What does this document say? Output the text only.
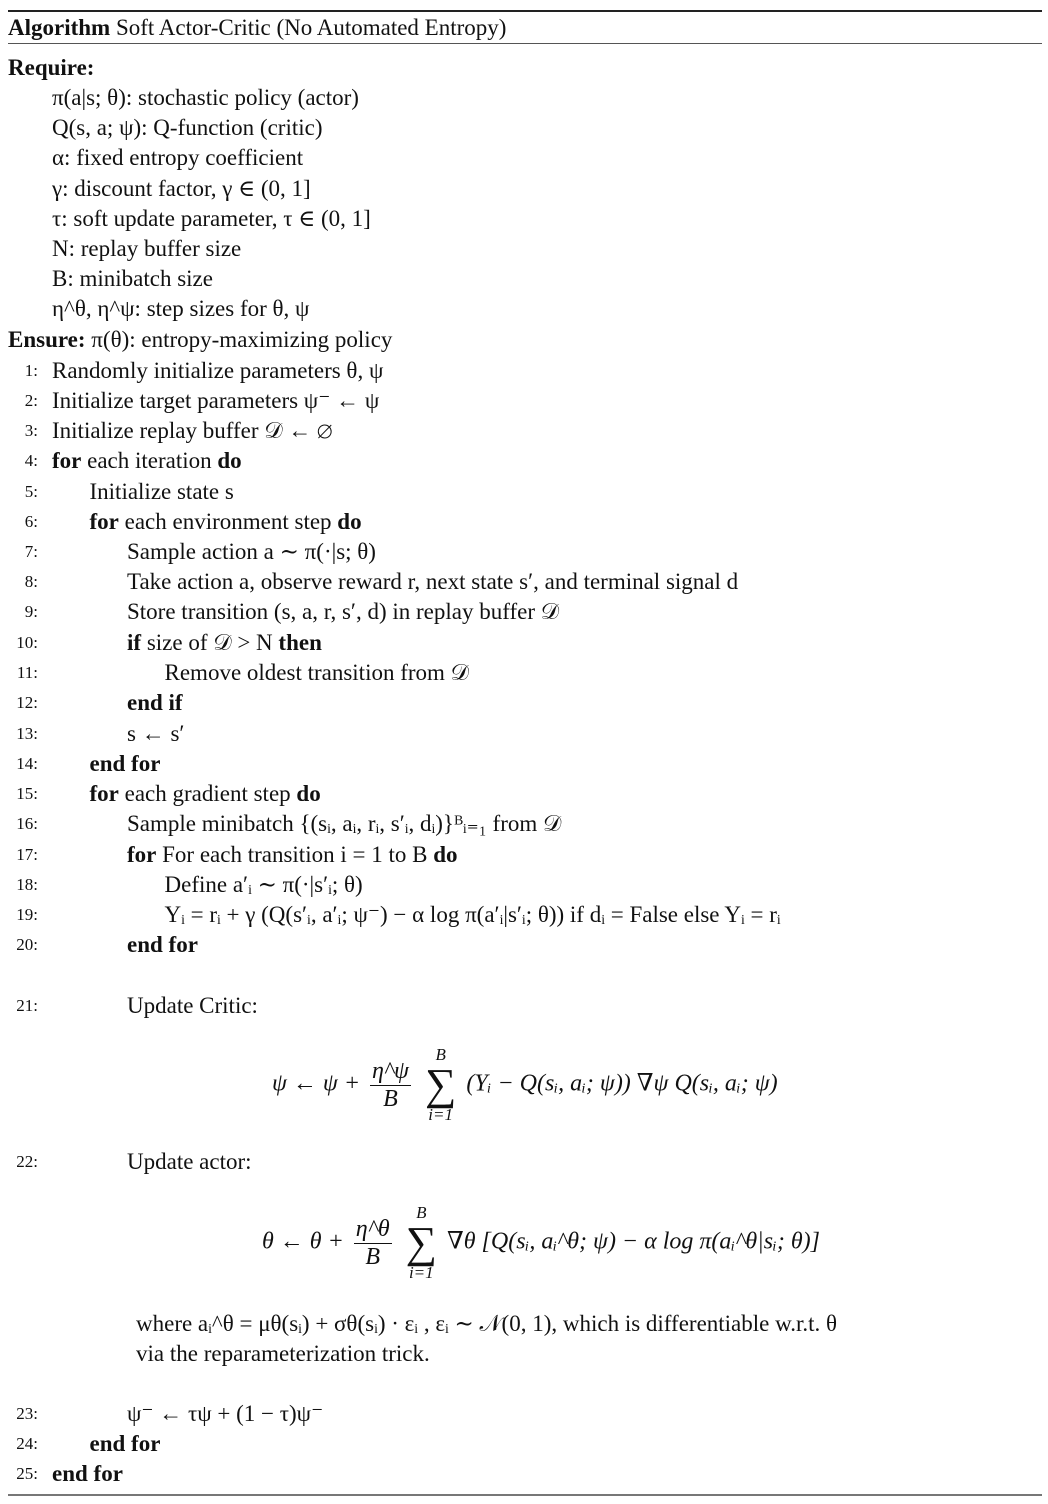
Algorithm Soft Actor-Critic (No Automated Entropy)
Require:
π(a|s; θ): stochastic policy (actor)
Q(s, a; ψ): Q-function (critic)
α: fixed entropy coefficient
γ: discount factor, γ ∈ (0, 1]
τ: soft update parameter, τ ∈ (0, 1]
N: replay buffer size
B: minibatch size
η^θ, η^ψ: step sizes for θ, ψ
Ensure: π(θ): entropy-maximizing policy
1: Randomly initialize parameters θ, ψ
2: Initialize target parameters ψ⁻ ← ψ
3: Initialize replay buffer 𝒟 ← ∅
4: for each iteration do
5: Initialize state s
6: for each environment step do
7:	Sample action a ∼ π(·|s; θ)
8:	Take action a, observe reward r, next state s′, and terminal signal d
9:	Store transition (s, a, r, s′, d) in replay buffer 𝒟
10:	if size of 𝒟 > N then
11:	Remove oldest transition from 𝒟
12:	end if
13:	s ← s′
14: end for
15: for each gradient step do
16:	Sample minibatch {(sᵢ, aᵢ, rᵢ, s′ᵢ, dᵢ)}ᴮᵢ₌₁ from 𝒟
17:	for For each transition i = 1 to B do
18:	Define a′ᵢ ∼ π(·|s′ᵢ; θ)
19:	Yᵢ = rᵢ + γ (Q(s′ᵢ, a′ᵢ; ψ⁻) − α log π(a′ᵢ|s′ᵢ; θ)) if dᵢ = False else Yᵢ = rᵢ
20:	end for
21:	Update Critic:
22:	Update actor:
23:	ψ⁻ ← τψ + (1 − τ)ψ⁻
24: end for
25: end for
ψ ← $\psi + \frac{\eta\^{}\psi}{B}$

B
∑
i=1
(Yᵢ − Q(sᵢ, aᵢ; ψ)) ∇ψ Q(sᵢ, aᵢ; ψ)
θ ← $\theta + \frac{\eta\^{}\theta}{B}$

B
∑
i=1
∇θ [Q(sᵢ, aᵢ^θ; ψ) − α log π(aᵢ^θ|sᵢ; θ)]
where aᵢ^θ = μθ(sᵢ) + σθ(sᵢ) · εᵢ , εᵢ ∼ 𝒩(0, 1), which is differentiable w.r.t. θ
via the reparameterization trick.
